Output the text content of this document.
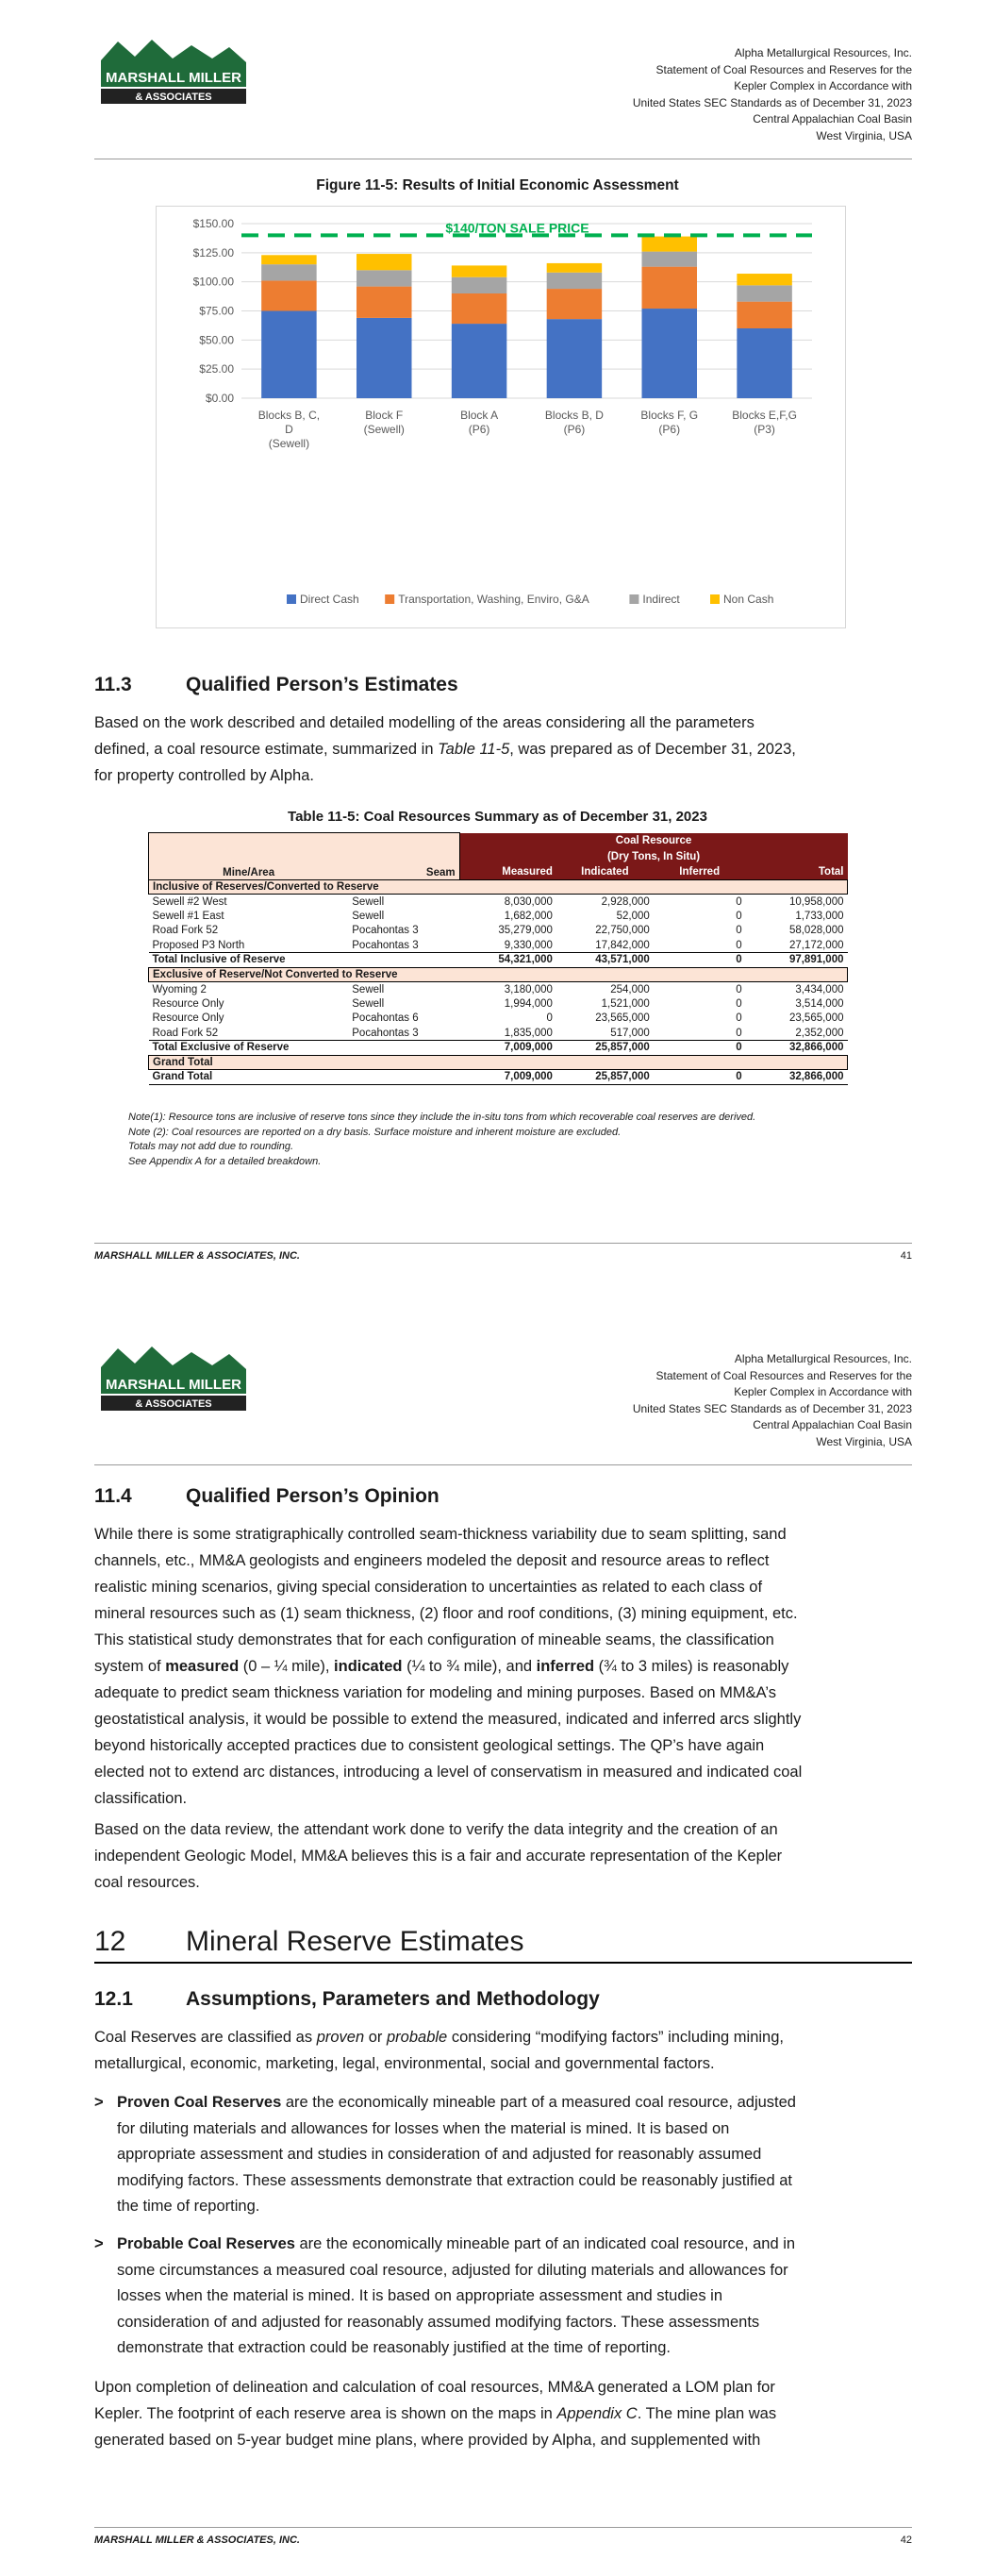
MARSHALL MILLER
& ASSOCIATES
Alpha Metallurgical Resources, Inc.
Statement of Coal Resources and Reserves for the
Kepler Complex in Accordance with
United States SEC Standards as of December 31, 2023
Central Appalachian Coal Basin
West Virginia, USA
Figure 11-5: Results of Initial Economic Assessment
$0.00
$25.00
$50.00
$75.00
$100.00
$125.00
$150.00
Blocks B, C,
D
(Sewell)
Block F
(Sewell)
Block A
(P6)
Blocks B, D
(P6)
Blocks F, G
(P6)
Blocks E,F,G
(P3)
$140/TON SALE PRICE
Direct Cash	Transportation, Washing, Enviro, G&A	Indirect	Non Cash
11.3	Qualified Person’s Estimates
Based on the work described and detailed modelling of the areas considering all the parameters
defined, a coal resource estimate, summarized in Table 11-5, was prepared as of December 31, 2023,
for property controlled by Alpha.
Table 11-5: Coal Resources Summary as of December 31, 2023
Mine/Area	Seam	Coal Resource			
		(Dry Tons, In Situ)			
		Measured	Indicated	Inferred	Total
Inclusive of Reserves/Converted to Reserve					
Sewell #2 West	Sewell	8,030,000	2,928,000	0	10,958,000
Sewell #1 East	Sewell	1,682,000	52,000	0	1,733,000
Road Fork 52	Pocahontas 3	35,279,000	22,750,000	0	58,028,000
Proposed P3 North	Pocahontas 3	9,330,000	17,842,000	0	27,172,000
Total Inclusive of Reserve		54,321,000	43,571,000	0	97,891,000
Exclusive of Reserve/Not Converted to Reserve					
Wyoming 2	Sewell	3,180,000	254,000	0	3,434,000
Resource Only	Sewell	1,994,000	1,521,000	0	3,514,000
Resource Only	Pocahontas 6	0	23,565,000	0	23,565,000
Road Fork 52	Pocahontas 3	1,835,000	517,000	0	2,352,000
Total Exclusive of Reserve		7,009,000	25,857,000	0	32,866,000
Grand Total					
Grand Total		7,009,000	25,857,000	0	32,866,000
Note(1): Resource tons are inclusive of reserve tons since they include the in-situ tons from which recoverable coal reserves are derived.
Note (2): Coal resources are reported on a dry basis. Surface moisture and inherent moisture are excluded.
Totals may not add due to rounding.
See Appendix A for a detailed breakdown.
MARSHALL MILLER & ASSOCIATES, INC.	41
MARSHALL MILLER
& ASSOCIATES
Alpha Metallurgical Resources, Inc.
Statement of Coal Resources and Reserves for the
Kepler Complex in Accordance with
United States SEC Standards as of December 31, 2023
Central Appalachian Coal Basin
West Virginia, USA
11.4	Qualified Person’s Opinion
While there is some stratigraphically controlled seam-thickness variability due to seam splitting, sand
channels, etc., MM&A geologists and engineers modeled the deposit and resource areas to reflect
realistic mining scenarios, giving special consideration to uncertainties as related to each class of
mineral resources such as (1) seam thickness, (2) floor and roof conditions, (3) mining equipment, etc.
This statistical study demonstrates that for each configuration of mineable seams, the classification
system of measured (0 – ¼ mile), indicated (¼ to ¾ mile), and inferred (¾ to 3 miles) is reasonably
adequate to predict seam thickness variation for modeling and mining purposes. Based on MM&A’s
geostatistical analysis, it would be possible to extend the measured, indicated and inferred arcs slightly
beyond historically accepted practices due to consistent geological settings. The QP’s have again
elected not to extend arc distances, introducing a level of conservatism in measured and indicated coal
classification.
Based on the data review, the attendant work done to verify the data integrity and the creation of an
independent Geologic Model, MM&A believes this is a fair and accurate representation of the Kepler
coal resources.
12 Mineral Reserve Estimates
12.1	Assumptions, Parameters and Methodology
Coal Reserves are classified as proven or probable considering “modifying factors” including mining,
metallurgical, economic, marketing, legal, environmental, social and governmental factors.
> Proven Coal Reserves are the economically mineable part of a measured coal resource, adjusted
for diluting materials and allowances for losses when the material is mined. It is based on
appropriate assessment and studies in consideration of and adjusted for reasonably assumed
modifying factors. These assessments demonstrate that extraction could be reasonably justified at
the time of reporting.
> Probable Coal Reserves are the economically mineable part of an indicated coal resource, and in
some circumstances a measured coal resource, adjusted for diluting materials and allowances for
losses when the material is mined. It is based on appropriate assessment and studies in
consideration of and adjusted for reasonably assumed modifying factors. These assessments
demonstrate that extraction could be reasonably justified at the time of reporting.
Upon completion of delineation and calculation of coal resources, MM&A generated a LOM plan for
Kepler. The footprint of each reserve area is shown on the maps in Appendix C. The mine plan was
generated based on 5-year budget mine plans, where provided by Alpha, and supplemented with
MARSHALL MILLER & ASSOCIATES, INC.	42
